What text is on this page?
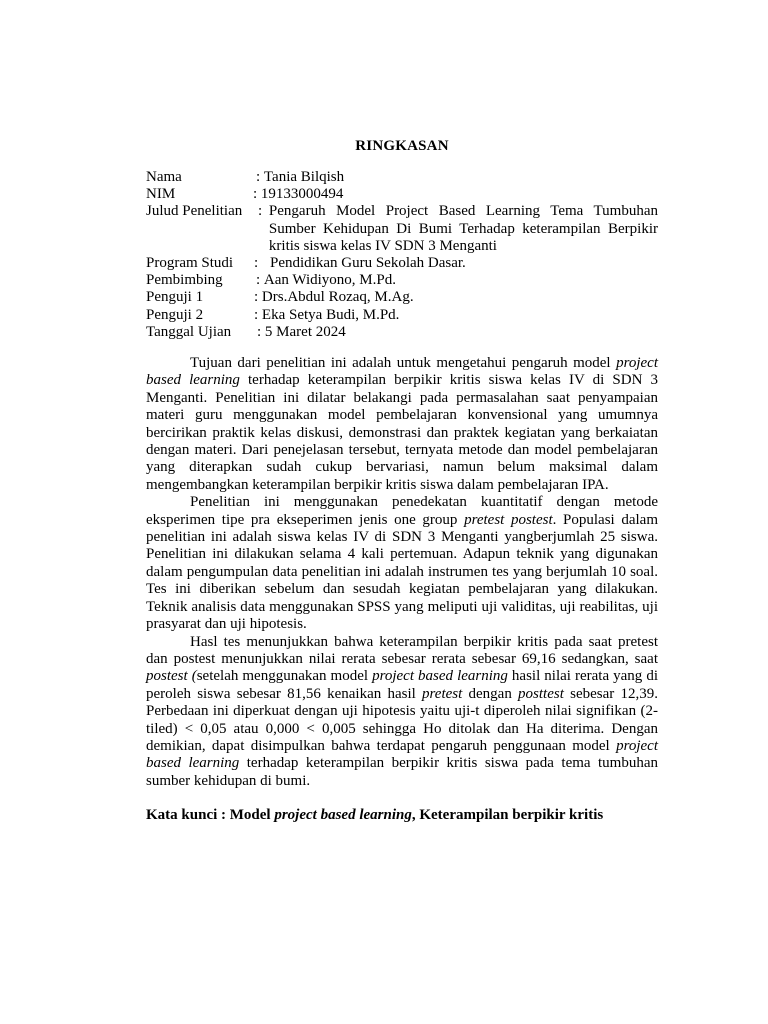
RINGKASAN
Nama	: Tania Bilqish
NIM	: 19133000494
Julud Penelitian	: Pengaruh Model Project Based Learning Tema Tumbuhan Sumber Kehidupan Di Bumi Terhadap keterampilan Berpikir kritis siswa kelas IV SDN 3 Menganti
Program Studi	: Pendidikan Guru Sekolah Dasar.
Pembimbing	: Aan Widiyono, M.Pd.
Penguji 1	: Drs.Abdul Rozaq, M.Ag.
Penguji 2	: Eka Setya Budi, M.Pd.
Tanggal Ujian	: 5 Maret 2024

Tujuan dari penelitian ini adalah untuk mengetahui pengaruh model project based learning terhadap keterampilan berpikir kritis siswa kelas IV di SDN 3 Menganti. Penelitian ini dilatar belakangi pada permasalahan saat penyampaian materi guru menggunakan model pembelajaran konvensional yang umumnya bercirikan praktik kelas diskusi, demonstrasi dan praktek kegiatan yang berkaiatan dengan materi. Dari penejelasan tersebut, ternyata metode dan model pembelajaran yang diterapkan sudah cukup bervariasi, namun belum maksimal dalam mengembangkan keterampilan berpikir kritis siswa dalam pembelajaran IPA.

Penelitian ini menggunakan penedekatan kuantitatif dengan metode eksperimen tipe pra ekseperimen jenis one group pretest postest. Populasi dalam penelitian ini adalah siswa kelas IV di SDN 3 Menganti yangberjumlah 25 siswa. Penelitian ini dilakukan selama 4 kali pertemuan. Adapun teknik yang digunakan dalam pengumpulan data penelitian ini adalah instrumen tes yang berjumlah 10 soal. Tes ini diberikan sebelum dan sesudah kegiatan pembelajaran yang dilakukan. Teknik analisis data menggunakan SPSS yang meliputi uji validitas, uji reabilitas, uji prasyarat dan uji hipotesis.

Hasl tes menunjukkan bahwa keterampilan berpikir kritis pada saat pretest dan postest menunjukkan nilai rerata sebesar rerata sebesar 69,16 sedangkan, saat postest (setelah menggunakan model project based learning hasil nilai rerata yang di peroleh siswa sebesar 81,56 kenaikan hasil pretest dengan posttest sebesar 12,39. Perbedaan ini diperkuat dengan uji hipotesis yaitu uji-t diperoleh nilai signifikan (2-tiled) < 0,05 atau 0,000 < 0,005 sehingga Ho ditolak dan Ha diterima. Dengan demikian, dapat disimpulkan bahwa terdapat pengaruh penggunaan model project based learning terhadap keterampilan berpikir kritis siswa pada tema tumbuhan sumber kehidupan di bumi.

Kata kunci : Model project based learning, Keterampilan berpikir kritis
